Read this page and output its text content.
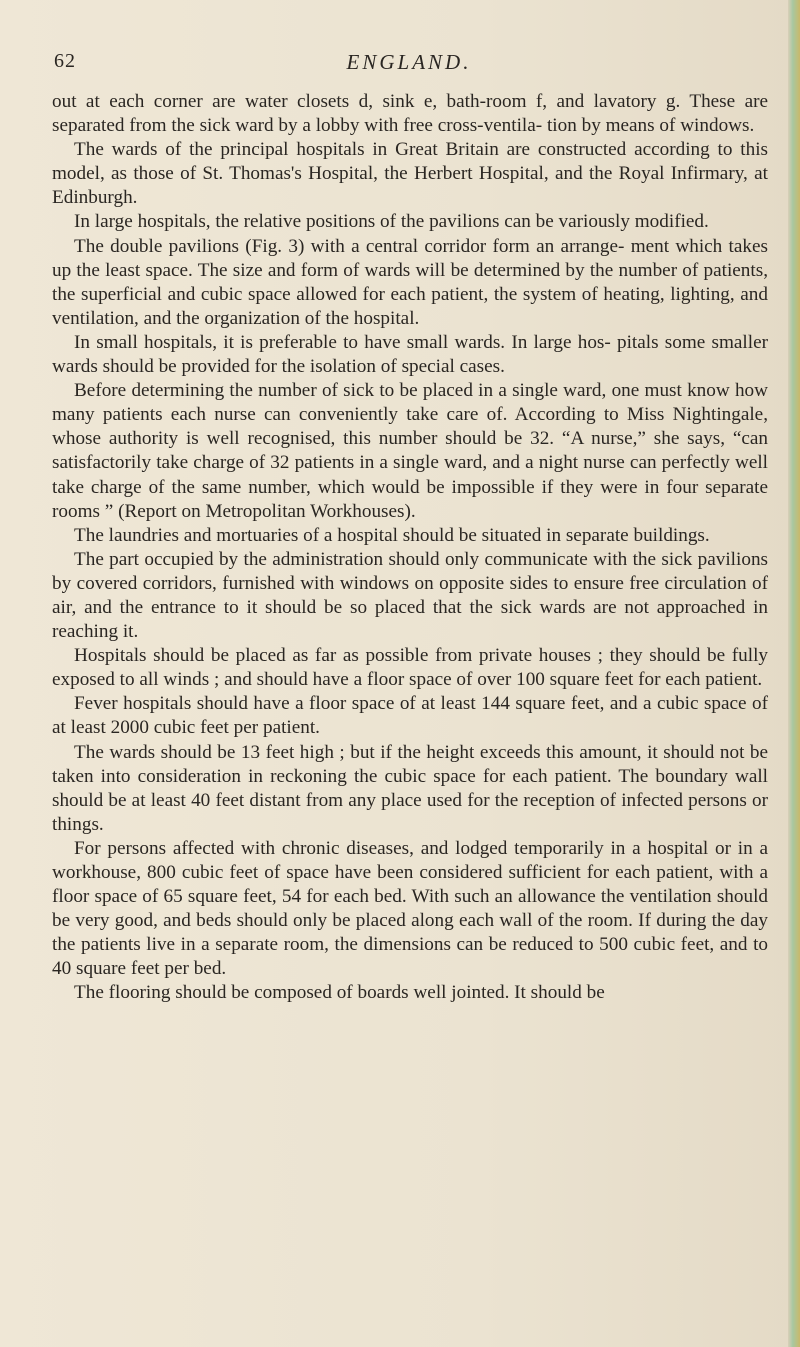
62	ENGLAND.

out at each corner are water closets d, sink e, bath-room f, and lavatory g. These are separated from the sick ward by a lobby with free cross-ventila- tion by means of windows.

The wards of the principal hospitals in Great Britain are constructed according to this model, as those of St. Thomas's Hospital, the Herbert Hospital, and the Royal Infirmary, at Edinburgh.

In large hospitals, the relative positions of the pavilions can be variously modified.

The double pavilions (Fig. 3) with a central corridor form an arrange- ment which takes up the least space. The size and form of wards will be determined by the number of patients, the superficial and cubic space allowed for each patient, the system of heating, lighting, and ventilation, and the organization of the hospital.

In small hospitals, it is preferable to have small wards. In large hos- pitals some smaller wards should be provided for the isolation of special cases.

Before determining the number of sick to be placed in a single ward, one must know how many patients each nurse can conveniently take care of. According to Miss Nightingale, whose authority is well recognised, this number should be 32. “A nurse,” she says, “can satisfactorily take charge of 32 patients in a single ward, and a night nurse can perfectly well take charge of the same number, which would be impossible if they were in four separate rooms ” (Report on Metropolitan Workhouses).

The laundries and mortuaries of a hospital should be situated in separate buildings.

The part occupied by the administration should only communicate with the sick pavilions by covered corridors, furnished with windows on opposite sides to ensure free circulation of air, and the entrance to it should be so placed that the sick wards are not approached in reaching it.

Hospitals should be placed as far as possible from private houses ; they should be fully exposed to all winds ; and should have a floor space of over 100 square feet for each patient.

Fever hospitals should have a floor space of at least 144 square feet, and a cubic space of at least 2000 cubic feet per patient.

The wards should be 13 feet high ; but if the height exceeds this amount, it should not be taken into consideration in reckoning the cubic space for each patient. The boundary wall should be at least 40 feet distant from any place used for the reception of infected persons or things.

For persons affected with chronic diseases, and lodged temporarily in a hospital or in a workhouse, 800 cubic feet of space have been considered sufficient for each patient, with a floor space of 65 square feet, 54 for each bed. With such an allowance the ventilation should be very good, and beds should only be placed along each wall of the room. If during the day the patients live in a separate room, the dimensions can be reduced to 500 cubic feet, and to 40 square feet per bed.

The flooring should be composed of boards well jointed. It should be
